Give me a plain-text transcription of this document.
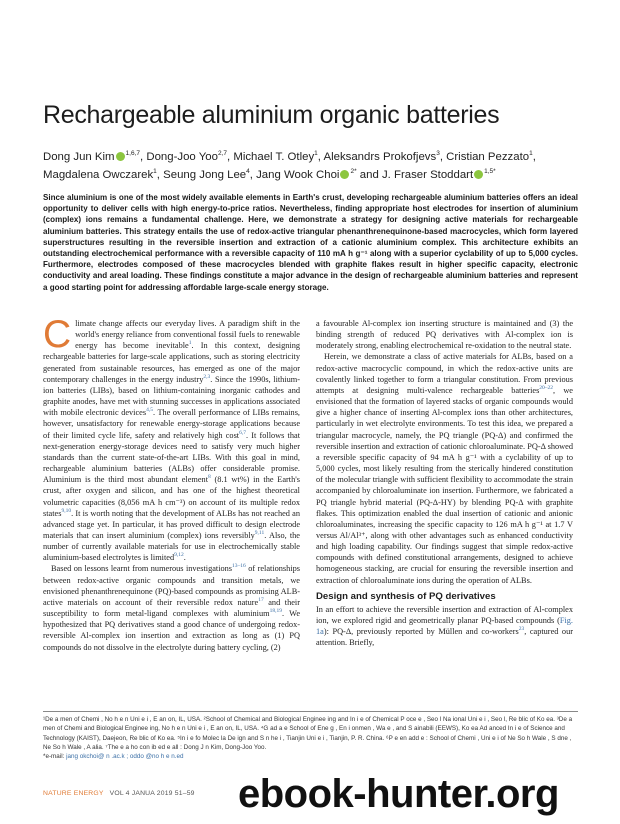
Rechargeable aluminium organic batteries
Dong Jun Kim $^{1,6,7}$, Dong-Joo Yoo$^{2,7}$, Michael T. Otley$^1$, Aleksandrs Prokofjevs$^3$, Cristian Pezzato$^1$, Magdalena Owczarek$^1$, Seung Jong Lee$^4$, Jang Wook Choi $^{2*}$ and J. Fraser Stoddart $^{1,5*}$

Since aluminium is one of the most widely available elements in Earth's crust, developing rechargeable aluminium batteries offers an ideal opportunity to deliver cells with high energy-to-price ratios. Nevertheless, finding appropriate host electrodes for insertion of aluminium (complex) ions remains a fundamental challenge. Here, we demonstrate a strategy for designing active materials for rechargeable aluminium batteries. This strategy entails the use of redox-active triangular phenanthrenequinone-based macrocycles, which form layered superstructures resulting in the reversible insertion and extraction of a cationic aluminium complex. This architecture exhibits an outstanding electrochemical performance with a reversible capacity of 110 mA h g⁻¹ along with a superior cyclability of up to 5,000 cycles. Furthermore, electrodes composed of these macrocycles blended with graphite flakes result in higher specific capacity, electronic conductivity and areal loading. These findings constitute a major advance in the design of rechargeable aluminium batteries and represent a good starting point for addressing affordable large-scale energy storage.

Climate change affects our everyday lives. A paradigm shift in the world's energy reliance from conventional fossil fuels to renewable energy has become inevitable$^1$. In this context, designing rechargeable batteries for large-scale applications, such as storing electricity generated from sustainable resources, has emerged as one of the major contemporary challenges in the energy industry$^{2,3}$. Since the 1990s, lithium-ion batteries (LIBs), based on lithium-containing inorganic cathodes and graphite anodes, have met with stunning successes in applications associated with mobile electronic devices$^{4,5}$. The overall performance of LIBs remains, however, unsatisfactory for renewable energy-storage applications because of their limited cycle life, safety and relatively high cost$^{6,7}$. It follows that next-generation energy-storage devices need to satisfy very much higher standards than the current state-of-the-art LIBs. With this goal in mind, rechargeable aluminium batteries (ALBs) offer considerable promise. Aluminium is the third most abundant element$^8$ (8.1 wt%) in the Earth's crust, after oxygen and silicon, and has one of the highest theoretical volumetric capacities (8,056 mA h cm⁻³) on account of its multiple redox states$^{9,10}$. It is worth noting that the development of ALBs has not reached an advanced stage yet. In particular, it has proved difficult to design electrode materials that can insert aluminium (complex) ions reversibly$^{9,11}$. Also, the number of currently available materials for use in electrochemically stable aluminium-based electrolytes is limited$^{9,12}$.

Based on lessons learnt from numerous investigations$^{13-16}$ of relationships between redox-active organic compounds and transition metals, we envisioned phenanthrenequinone (PQ)-based compounds as promising ALB-active materials on account of their reversible redox nature$^{17}$ and their susceptibility to form metal-ligand complexes with aluminium$^{18,19}$. We hypothesized that PQ derivatives stand a good chance of undergoing redox-reversible Al-complex ion insertion and extraction as long as (1) PQ compounds do not dissolve in the electrolyte during battery cycling, (2)

a favourable Al-complex ion inserting structure is maintained and (3) the binding strength of reduced PQ derivatives with Al-complex ion is moderately strong, enabling electrochemical re-oxidation to the neutral state.

Herein, we demonstrate a class of active materials for ALBs, based on a redox-active macrocyclic compound, in which the redox-active units are covalently linked together to form a triangular constitution. From previous attempts at designing multi-valence rechargeable batteries$^{20-22}$, we envisioned that the formation of layered stacks of organic compounds would give a higher chance of inserting Al-complex ions than other architectures, particularly in wet electrolyte environments. To test this idea, we prepared a triangular macrocycle, namely, the PQ triangle (PQ-Δ) and confirmed the reversible insertion and extraction of cationic chloroaluminate. PQ-Δ showed a reversible specific capacity of 94 mA h g⁻¹ with a cyclability of up to 5,000 cycles, most likely resulting from the sterically hindered constitution of the molecular triangle with sufficient flexibility to accommodate the strain accompanied by chloroaluminate ion insertion. Furthermore, we fabricated a PQ triangle hybrid material (PQ-Δ-HY) by blending PQ-Δ with graphite flakes. This optimization enabled the dual insertion of cationic and anionic chloroaluminates, increasing the specific capacity to 126 mA h g⁻¹ at 1.7 V versus Al/Al³⁺, along with other advantages such as enhanced conductivity and high loading capability. Our findings suggest that simple redox-active compounds with defined constitutional arrangements, designed to achieve homogeneous stacking, are crucial for ensuring the reversible insertion and extraction of chloroaluminate ions during the operation of ALBs.

Design and synthesis of PQ derivatives

In an effort to achieve the reversible insertion and extraction of Al-complex ion, we explored rigid and geometrically planar PQ-based compounds (Fig. 1a): PQ-Δ, previously reported by Müllen and co-workers$^{23}$, captured our attention. Briefly,

¹De a men of Chemi , No h e n Uni e i , E an on, IL, USA. ²School of Chemical and Biological Enginee ing and In i e of Chemical P oce e , Seo l Na ional Uni e i , Seo l, Re blic of Ko ea. ³De a men of Chemi and Biological Enginee ing, No h e n Uni e i , E an on, IL, USA. ⁴G ad a e School of Ene g , En i onmen , Wa e , and S ainabili (EEWS), Ko ea Ad anced In i e of Science and Technology (KAIST), Daejeon, Re blic of Ko ea. ⁵In i e fo Molec la De ign and S n he i , Tianjin Uni e i , Tianjin, P. R. China. ⁶P e en add e : School of Chemi , Uni e i of Ne So h Wale , S dne , Ne So h Wale , A alia. ⁷The e a ho con ib ed e all : Dong J n Kim, Dong-Joo Yoo.
*e-mail: jang okchoi@ n .ac.k ; oddo @no h e n.ed
NATURE ENERGY VOL 4 JANUA 2019 51–59 ebook-hunter.org
